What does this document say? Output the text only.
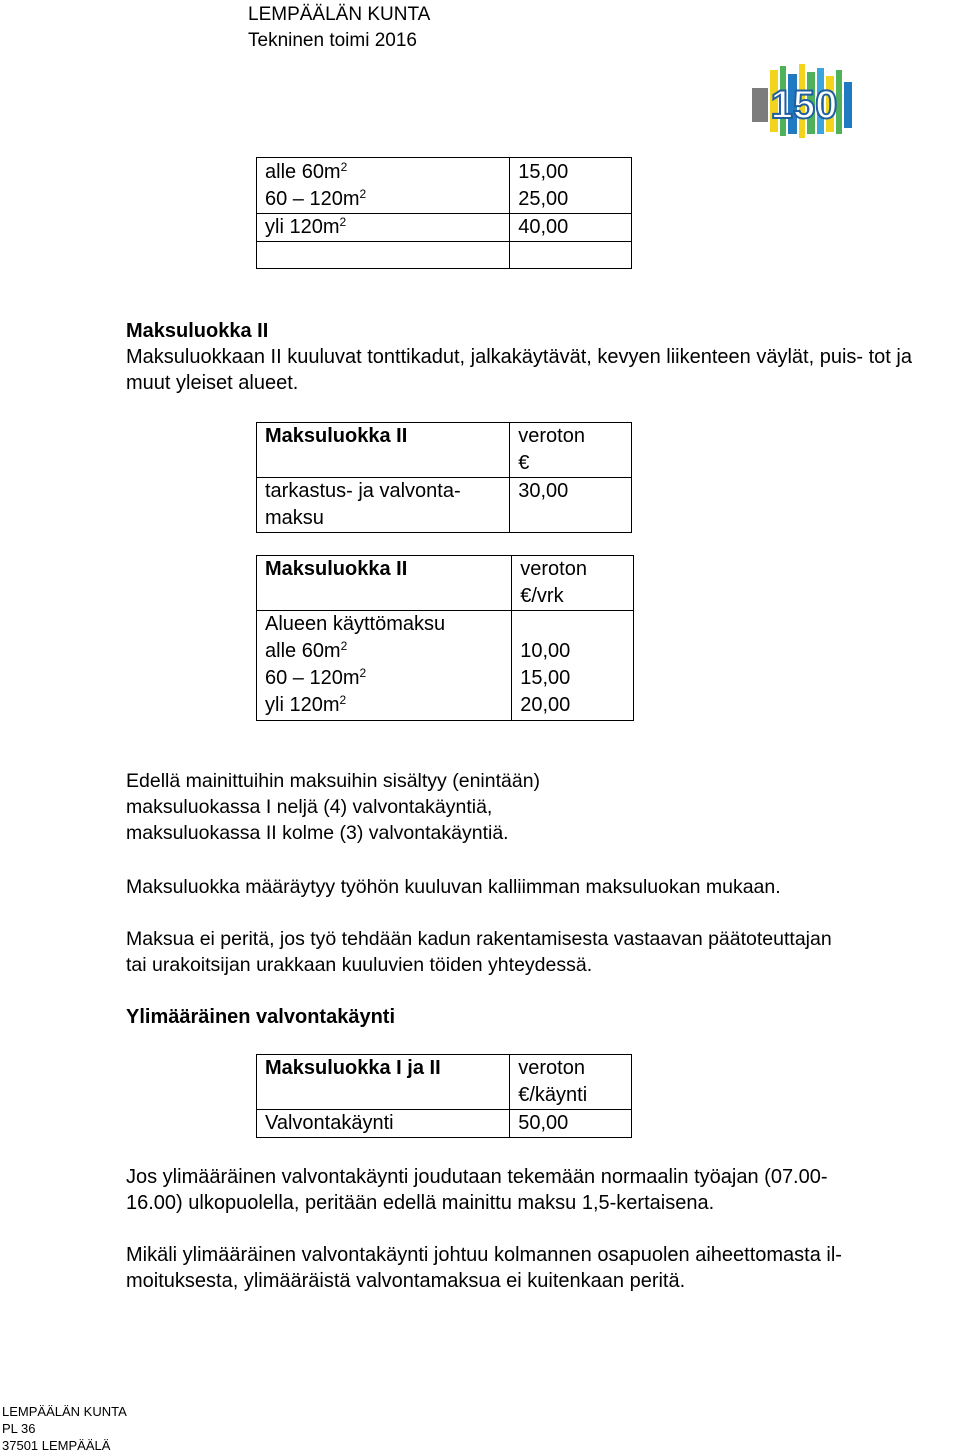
LEMPÄÄLÄN KUNTA
Tekninen toimi 2016
150
alle $60m^2$	15,00
$60 - 120m^2$	25,00
yli $120m^2$	40,00

Maksuluokka II
Maksuluokkaan II kuuluvat tonttikadut, jalkakäytävät, kevyen liikenteen väylät, puis- tot ja muut yleiset alueet.
Maksuluokka II	veroton
€
tarkastus- ja valvonta-
maksu	30,00
Maksuluokka II	veroton
€/vrk
Alueen käyttömaksu	
alle $60m^2$	10,00
$60 - 120m^2$	15,00
yli $120m^2$	20,00
Edellä mainittuihin maksuihin sisältyy (enintään)
maksuluokassa I neljä (4) valvontakäyntiä,
maksuluokassa II kolme (3) valvontakäyntiä.
Maksuluokka määräytyy työhön kuuluvan kalliimman maksuluokan mukaan.
Maksua ei peritä, jos työ tehdään kadun rakentamisesta vastaavan päätoteuttajan
tai urakoitsijan urakkaan kuuluvien töiden yhteydessä.
Ylimääräinen valvontakäynti
Maksuluokka I ja II	veroton
€/käynti
Valvontakäynti	50,00
Jos ylimääräinen valvontakäynti joudutaan tekemään normaalin työajan (07.00-
16.00) ulkopuolella, peritään edellä mainittu maksu 1,5-kertaisena.
Mikäli ylimääräinen valvontakäynti johtuu kolmannen osapuolen aiheettomasta il-
moituksesta, ylimääräistä valvontamaksua ei kuitenkaan peritä.
LEMPÄÄLÄN KUNTA
PL 36
37501 LEMPÄÄLÄ
